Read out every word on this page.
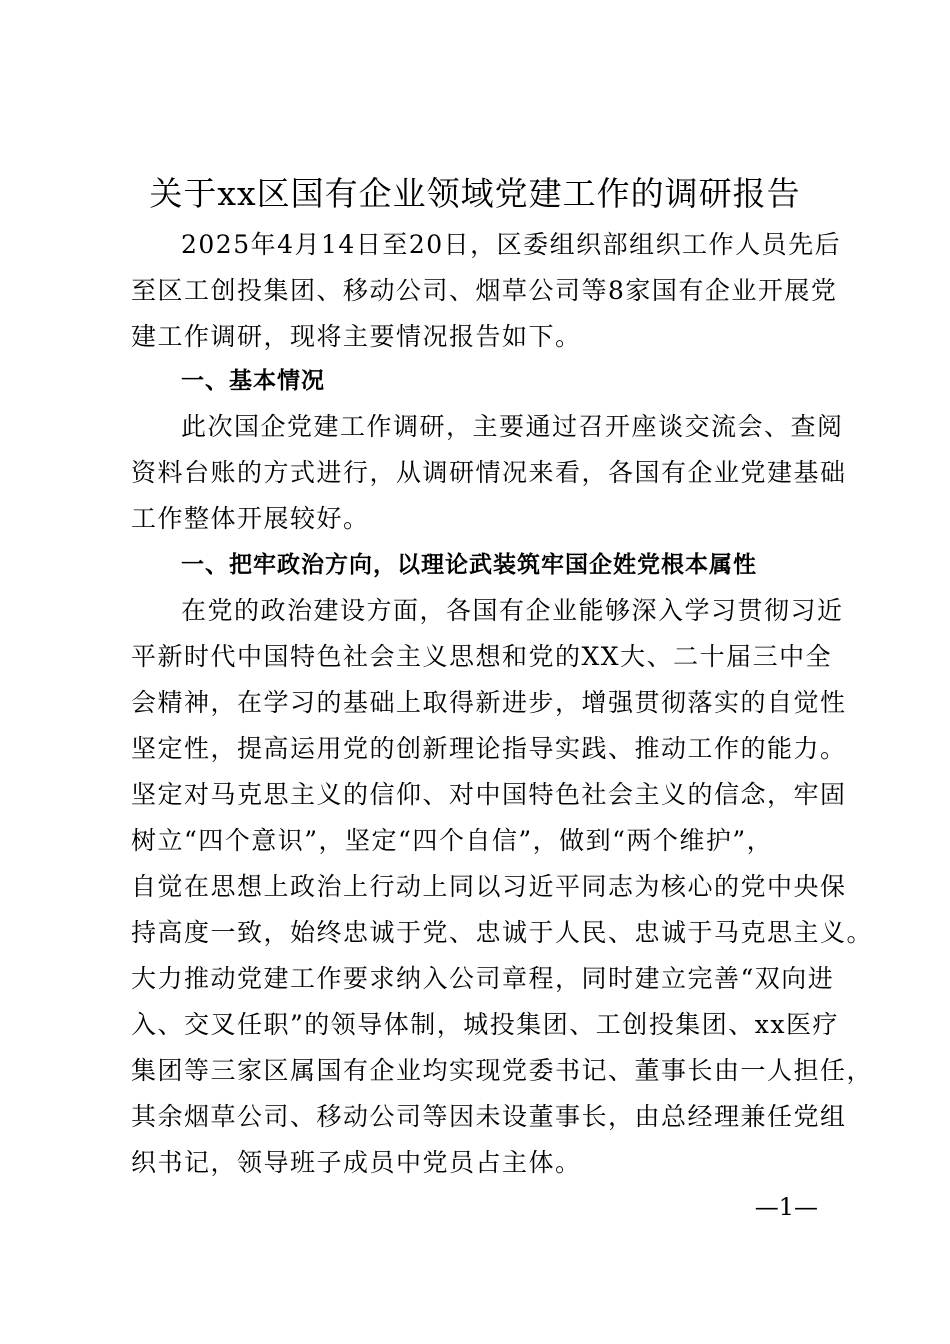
关于xx区国有企业领域党建工作的调研报告
2025年4月14日至20日，区委组织部组织工作人员先后
至区工创投集团、移动公司、烟草公司等8家国有企业开展党
建工作调研，现将主要情况报告如下。
一、基本情况
此次国企党建工作调研，主要通过召开座谈交流会、查阅
资料台账的方式进行，从调研情况来看，各国有企业党建基础
工作整体开展较好。
一、把牢政治方向，以理论武装筑牢国企姓党根本属性
在党的政治建设方面，各国有企业能够深入学习贯彻习近
平新时代中国特色社会主义思想和党的XX大、二十届三中全
会精神，在学习的基础上取得新进步，增强贯彻落实的自觉性
坚定性，提高运用党的创新理论指导实践、推动工作的能力。
坚定对马克思主义的信仰、对中国特色社会主义的信念，牢固
树立“四个意识”，坚定“四个自信”，做到“两个维护”，
自觉在思想上政治上行动上同以习近平同志为核心的党中央保
持高度一致，始终忠诚于党、忠诚于人民、忠诚于马克思主义。
大力推动党建工作要求纳入公司章程，同时建立完善“双向进
入、交叉任职”的领导体制，城投集团、工创投集团、xx医疗
集团等三家区属国有企业均实现党委书记、董事长由一人担任，
其余烟草公司、移动公司等因未设董事长，由总经理兼任党组
织书记，领导班子成员中党员占主体。
—1—
